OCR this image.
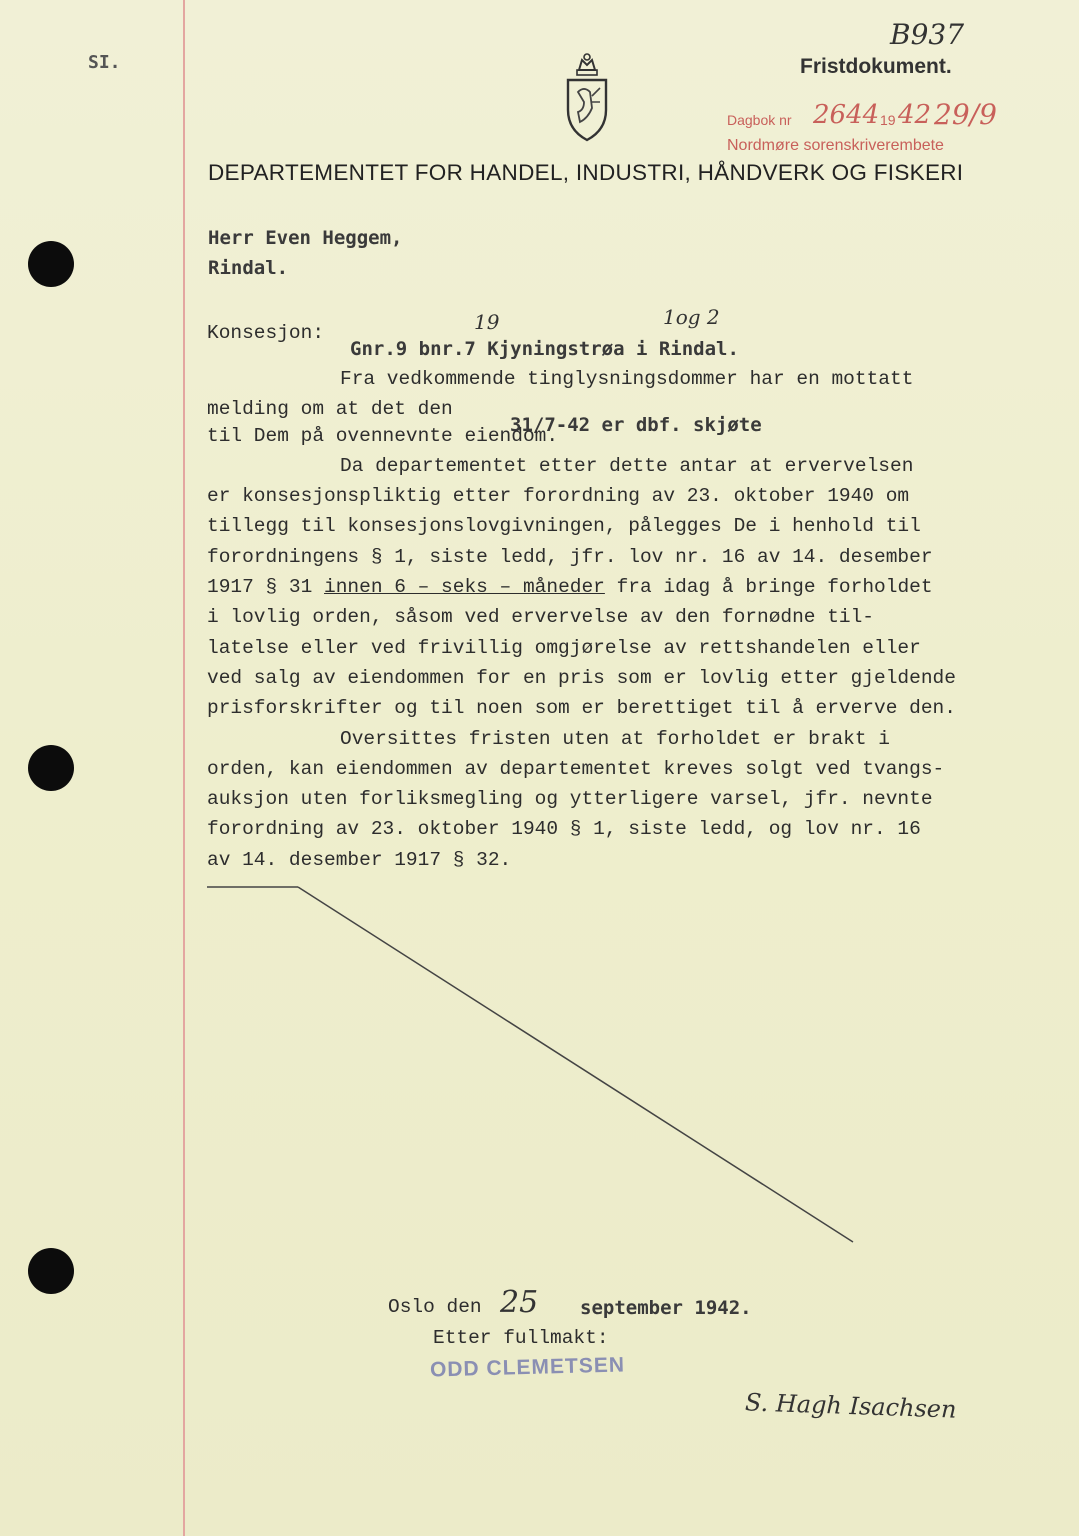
SI.
B937
Fristdokument.
Dagbok nr 2644 19 42 29/9
Nordmøre sorenskriverembete
DEPARTEMENTET FOR HANDEL, INDUSTRI, HÅNDVERK OG FISKERI
Herr Even Heggem,
Rindal.
Konsesjon:
Gnr.9 bnr.7 Kjyningstrøa i Rindal.
19	1og 2
Fra vedkommende tinglysningsdommer har en mottatt
melding om at det den
31/7-42 er dbf. skjøte
til Dem på ovennevnte eiendom.
Da departementet etter dette antar at ervervelsen
er konsesjonspliktig etter forordning av 23. oktober 1940 om
tillegg til konsesjonslovgivningen, pålegges De i henhold til
forordningens § 1, siste ledd, jfr. lov nr. 16 av 14. desember
1917 § 31 innen 6 – seks – måneder fra idag å bringe forholdet
i lovlig orden, såsom ved ervervelse av den fornødne til-
latelse eller ved frivillig omgjørelse av rettshandelen eller
ved salg av eiendommen for en pris som er lovlig etter gjeldende
prisforskrifter og til noen som er berettiget til å erverve den.
Oversittes fristen uten at forholdet er brakt i
orden, kan eiendommen av departementet kreves solgt ved tvangs-
auksjon uten forliksmegling og ytterligere varsel, jfr. nevnte
forordning av 23. oktober 1940 § 1, siste ledd, og lov nr. 16
av 14. desember 1917 § 32.
Oslo den 25 september 1942.
Etter fullmakt:
ODD CLEMETSEN
S. Hagh Isachsen
